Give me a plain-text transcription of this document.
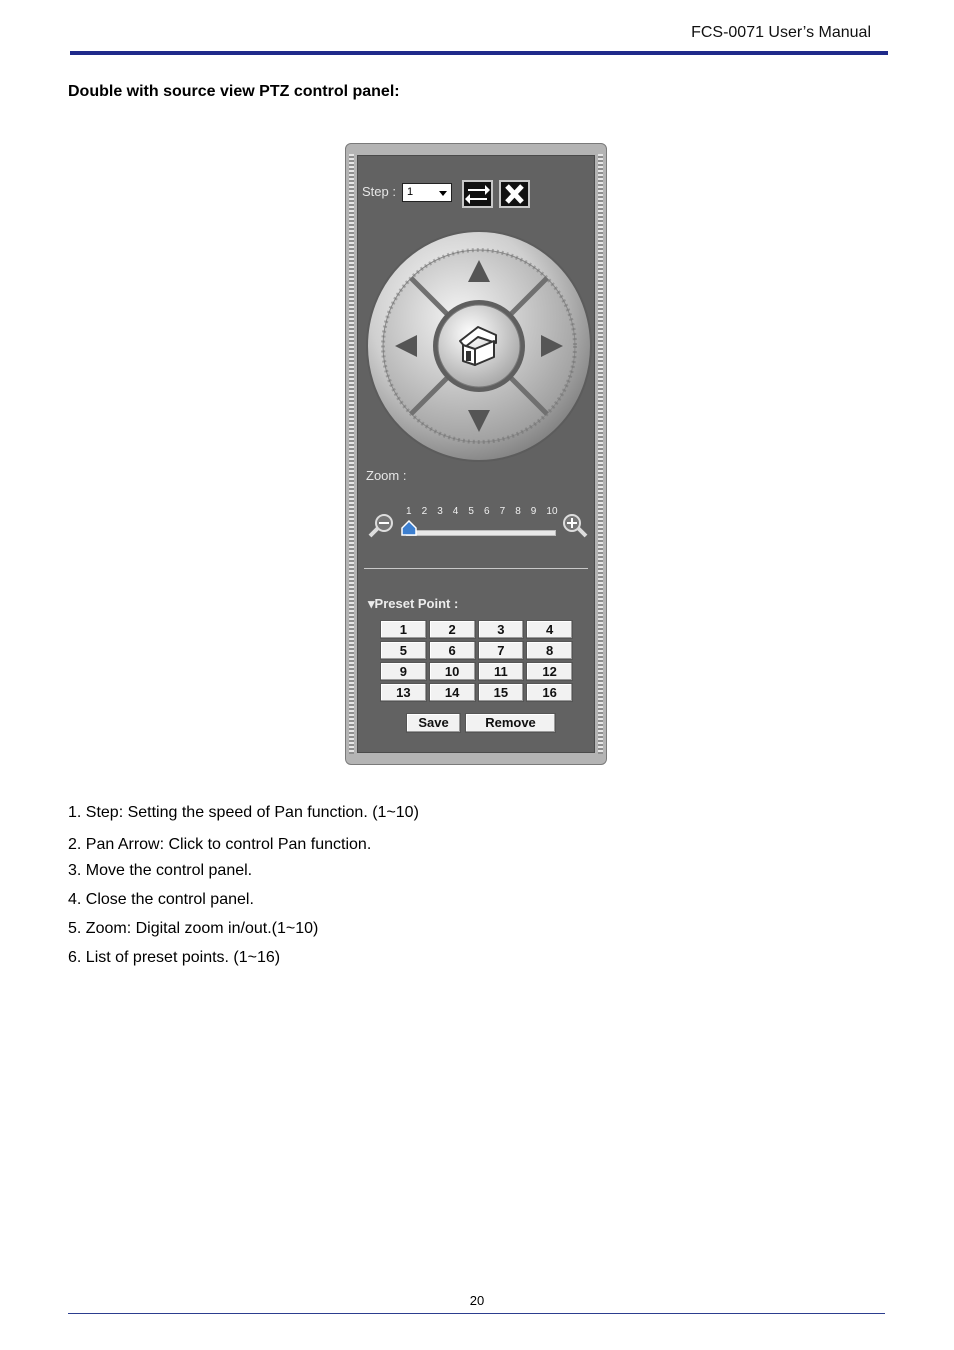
FCS-0071 User’s Manual
Double with source view PTZ control panel:
Step :	1
Zoom :
1 2 3 4 5 6 7 8 9 10
▾Preset Point :
1	2	3	4
5	6	7	8
9	10	11	12
13	14	15	16
Save	Remove
1. Step: Setting the speed of Pan function. (1~10)
2. Pan Arrow: Click to control Pan function.
3. Move the control panel.
4. Close the control panel.
5. Zoom: Digital zoom in/out.(1~10)
6. List of preset points. (1~16)
20
